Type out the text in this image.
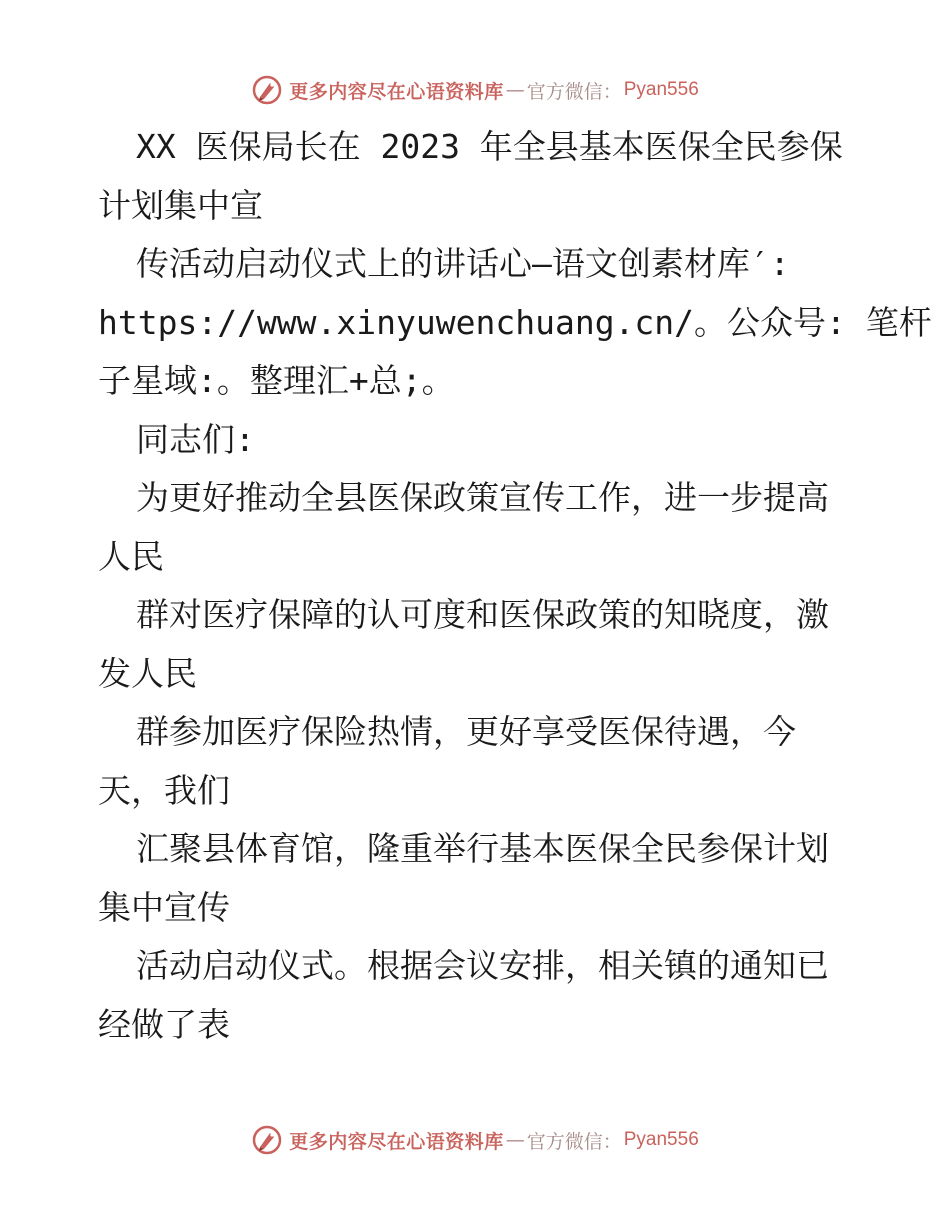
更多内容尽在心语资料库 — 官方微信： Pyan556
XX 医保局长在 2023 年全县基本医保全民参保
计划集中宣
传活动启动仪式上的讲话心—语文创素材库′:
https://www.xinyuwenchuang.cn/。公众号: 笔杆
子星域:。整理汇+总;。
同志们:
为更好推动全县医保政策宣传工作，进一步提高
人民
群对医疗保障的认可度和医保政策的知晓度，激
发人民
群参加医疗保险热情，更好享受医保待遇，今
天，我们
汇聚县体育馆，隆重举行基本医保全民参保计划
集中宣传
活动启动仪式。根据会议安排，相关镇的通知已
经做了表
更多内容尽在心语资料库 — 官方微信： Pyan556
